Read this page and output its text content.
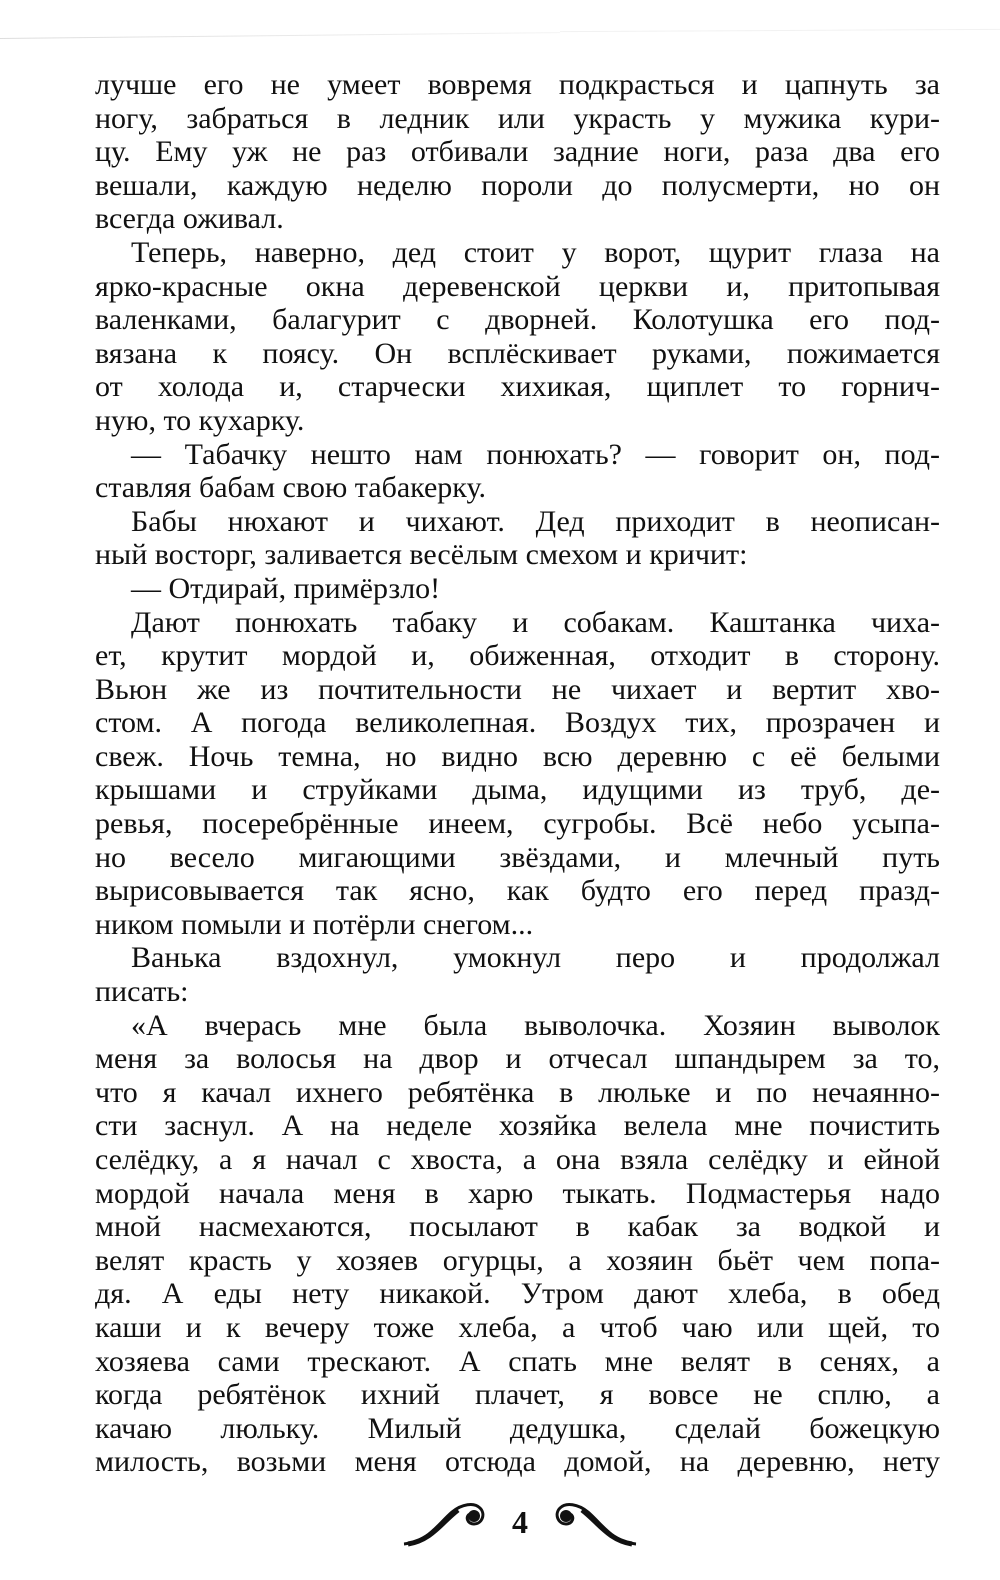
лучше его не умеет вовремя подкрасться и цапнуть за
ногу, забраться в ледник или украсть у мужика кури-
цу. Ему уж не раз отбивали задние ноги, раза два его
вешали, каждую неделю пороли до полусмерти, но он
всегда оживал.
Теперь, наверно, дед стоит у ворот, щурит глаза на
ярко-красные окна деревенской церкви и, притопывая
валенками, балагурит с дворней. Колотушка его под-
вязана к поясу. Он всплёскивает руками, пожимается
от холода и, старчески хихикая, щиплет то горнич-
ную, то кухарку.
— Табачку нешто нам понюхать? — говорит он, под-
ставляя бабам свою табакерку.
Бабы нюхают и чихают. Дед приходит в неописан-
ный восторг, заливается весёлым смехом и кричит:
— Отдирай, примёрзло!
Дают понюхать табаку и собакам. Каштанка чиха-
ет, крутит мордой и, обиженная, отходит в сторону.
Вьюн же из почтительности не чихает и вертит хво-
стом. А погода великолепная. Воздух тих, прозрачен и
свеж. Ночь темна, но видно всю деревню с её белыми
крышами и струйками дыма, идущими из труб, де-
ревья, посеребрённые инеем, сугробы. Всё небо усыпа-
но весело мигающими звёздами, и млечный путь
вырисовывается так ясно, как будто его перед празд-
ником помыли и потёрли снегом...
Ванька вздохнул, умокнул перо и продолжал
писать:
«А вчерась мне была выволочка. Хозяин выволок
меня за волосья на двор и отчесал шпандырем за то,
что я качал ихнего ребятёнка в люльке и по нечаянно-
сти заснул. А на неделе хозяйка велела мне почистить
селёдку, а я начал с хвоста, а она взяла селёдку и ейной
мордой начала меня в харю тыкать. Подмастерья надо
мной насмехаются, посылают в кабак за водкой и
велят красть у хозяев огурцы, а хозяин бьёт чем попа-
дя. А еды нету никакой. Утром дают хлеба, в обед
каши и к вечеру тоже хлеба, а чтоб чаю или щей, то
хозяева сами трескают. А спать мне велят в сенях, а
когда ребятёнок ихний плачет, я вовсе не сплю, а
качаю люльку. Милый дедушка, сделай божецкую
милость, возьми меня отсюда домой, на деревню, нету
4
